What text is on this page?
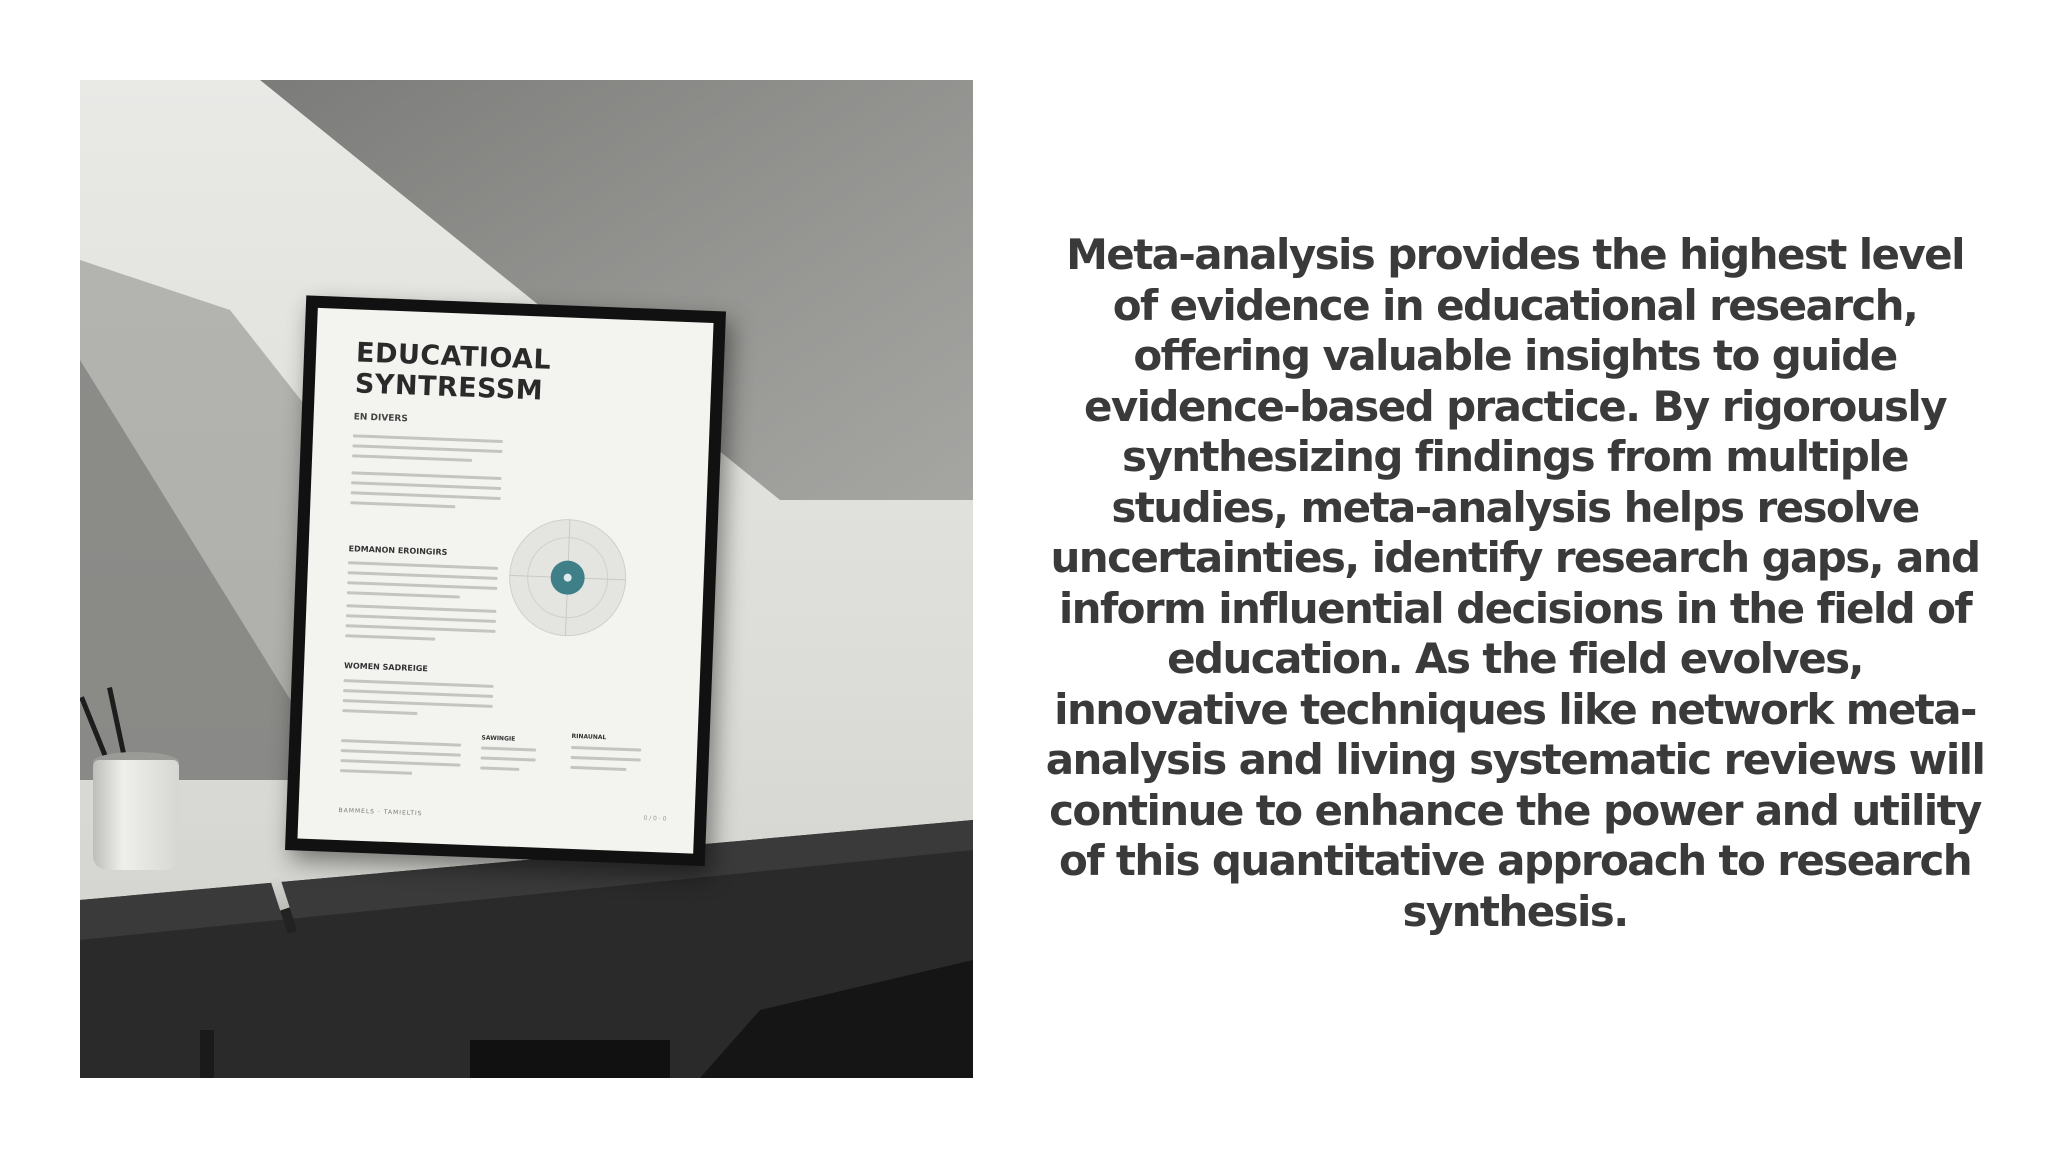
EDUCATIOAL
SYNTRESSM
EN DIVERS
EDMANON EROINGIRS
WOMEN SADREIGE
SAWINGIE	RINAUNAL
BAMMELS · TAMIELTIS
0 / 0 · 0

Meta-analysis provides the highest level of evidence in educational research, offering valuable insights to guide evidence-based practice. By rigorously synthesizing findings from multiple studies, meta-analysis helps resolve uncertainties, identify research gaps, and inform influential decisions in the field of education. As the field evolves, innovative techniques like network meta-analysis and living systematic reviews will continue to enhance the power and utility of this quantitative approach to research synthesis.
